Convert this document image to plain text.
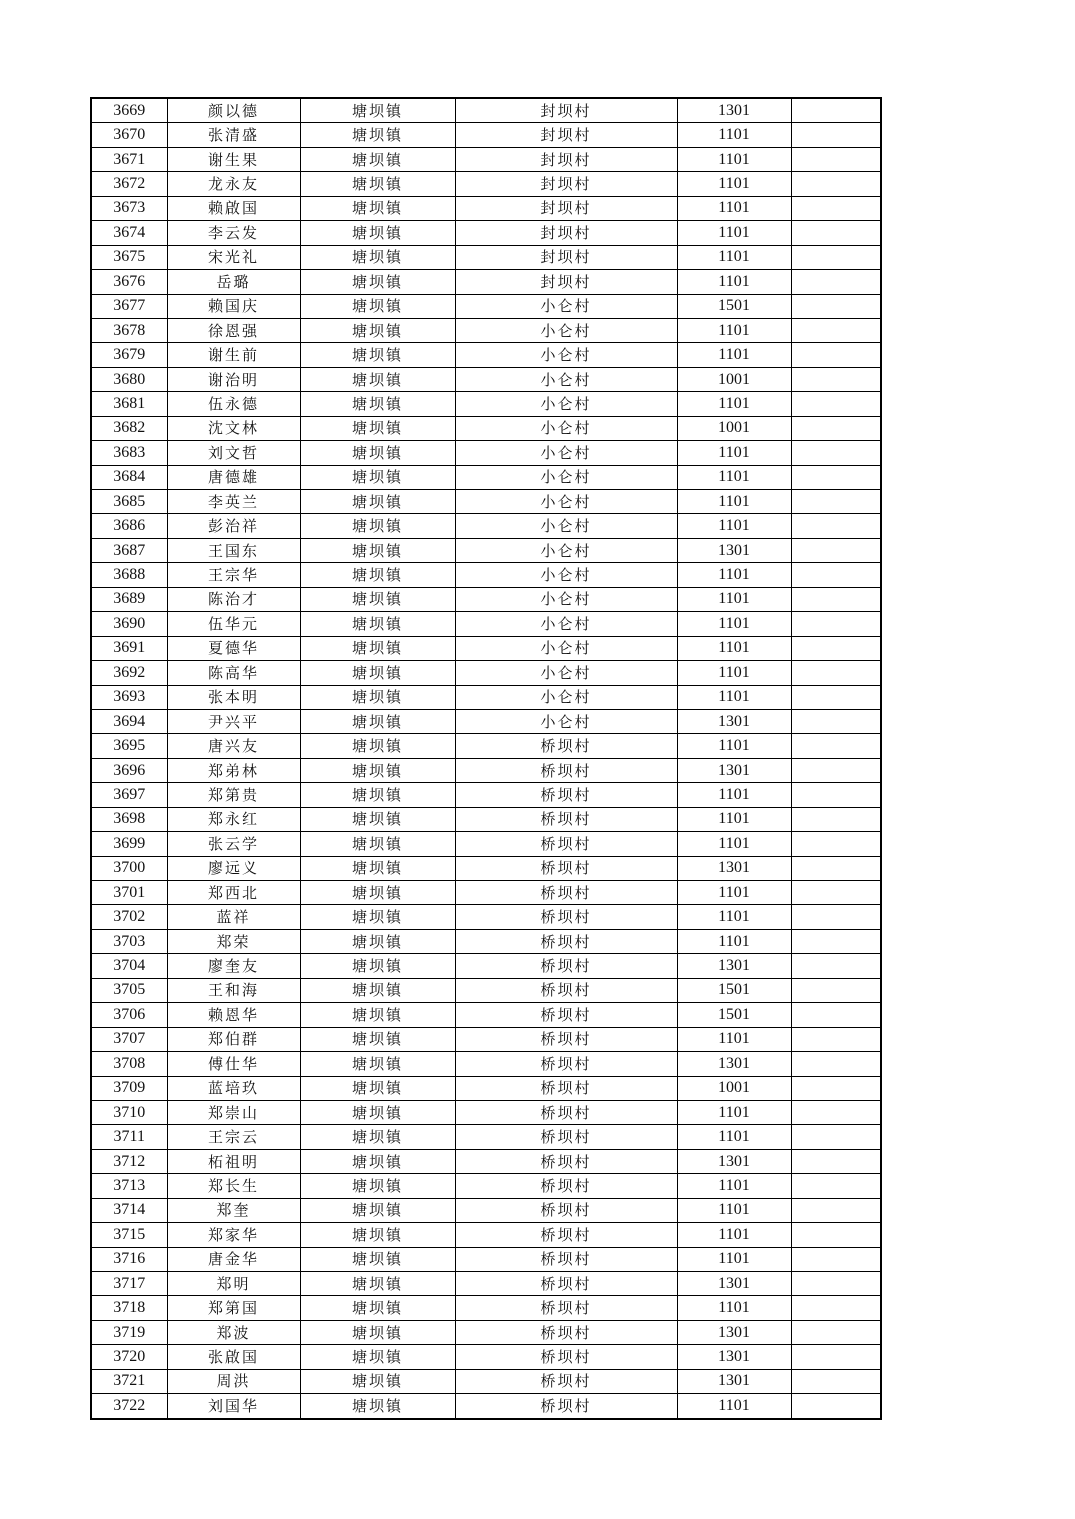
3669	颜以德	塘坝镇	封坝村	1301	
3670	张清盛	塘坝镇	封坝村	1101	
3671	谢生果	塘坝镇	封坝村	1101	
3672	龙永友	塘坝镇	封坝村	1101	
3673	赖啟国	塘坝镇	封坝村	1101	
3674	李云发	塘坝镇	封坝村	1101	
3675	宋光礼	塘坝镇	封坝村	1101	
3676	岳璐	塘坝镇	封坝村	1101	
3677	赖国庆	塘坝镇	小仑村	1501	
3678	徐恩强	塘坝镇	小仑村	1101	
3679	谢生前	塘坝镇	小仑村	1101	
3680	谢治明	塘坝镇	小仑村	1001	
3681	伍永德	塘坝镇	小仑村	1101	
3682	沈文林	塘坝镇	小仑村	1001	
3683	刘文哲	塘坝镇	小仑村	1101	
3684	唐德雄	塘坝镇	小仑村	1101	
3685	李英兰	塘坝镇	小仑村	1101	
3686	彭治祥	塘坝镇	小仑村	1101	
3687	王国东	塘坝镇	小仑村	1301	
3688	王宗华	塘坝镇	小仑村	1101	
3689	陈治才	塘坝镇	小仑村	1101	
3690	伍华元	塘坝镇	小仑村	1101	
3691	夏德华	塘坝镇	小仑村	1101	
3692	陈高华	塘坝镇	小仑村	1101	
3693	张本明	塘坝镇	小仑村	1101	
3694	尹兴平	塘坝镇	小仑村	1301	
3695	唐兴友	塘坝镇	桥坝村	1101	
3696	郑弟林	塘坝镇	桥坝村	1301	
3697	郑第贵	塘坝镇	桥坝村	1101	
3698	郑永红	塘坝镇	桥坝村	1101	
3699	张云学	塘坝镇	桥坝村	1101	
3700	廖远义	塘坝镇	桥坝村	1301	
3701	郑西北	塘坝镇	桥坝村	1101	
3702	蓝祥	塘坝镇	桥坝村	1101	
3703	郑荣	塘坝镇	桥坝村	1101	
3704	廖奎友	塘坝镇	桥坝村	1301	
3705	王和海	塘坝镇	桥坝村	1501	
3706	赖恩华	塘坝镇	桥坝村	1501	
3707	郑伯群	塘坝镇	桥坝村	1101	
3708	傅仕华	塘坝镇	桥坝村	1301	
3709	蓝培玖	塘坝镇	桥坝村	1001	
3710	郑崇山	塘坝镇	桥坝村	1101	
3711	王宗云	塘坝镇	桥坝村	1101	
3712	柘祖明	塘坝镇	桥坝村	1301	
3713	郑长生	塘坝镇	桥坝村	1101	
3714	郑奎	塘坝镇	桥坝村	1101	
3715	郑家华	塘坝镇	桥坝村	1101	
3716	唐金华	塘坝镇	桥坝村	1101	
3717	郑明	塘坝镇	桥坝村	1301	
3718	郑第国	塘坝镇	桥坝村	1101	
3719	郑波	塘坝镇	桥坝村	1301	
3720	张啟国	塘坝镇	桥坝村	1301	
3721	周洪	塘坝镇	桥坝村	1301	
3722	刘国华	塘坝镇	桥坝村	1101	
